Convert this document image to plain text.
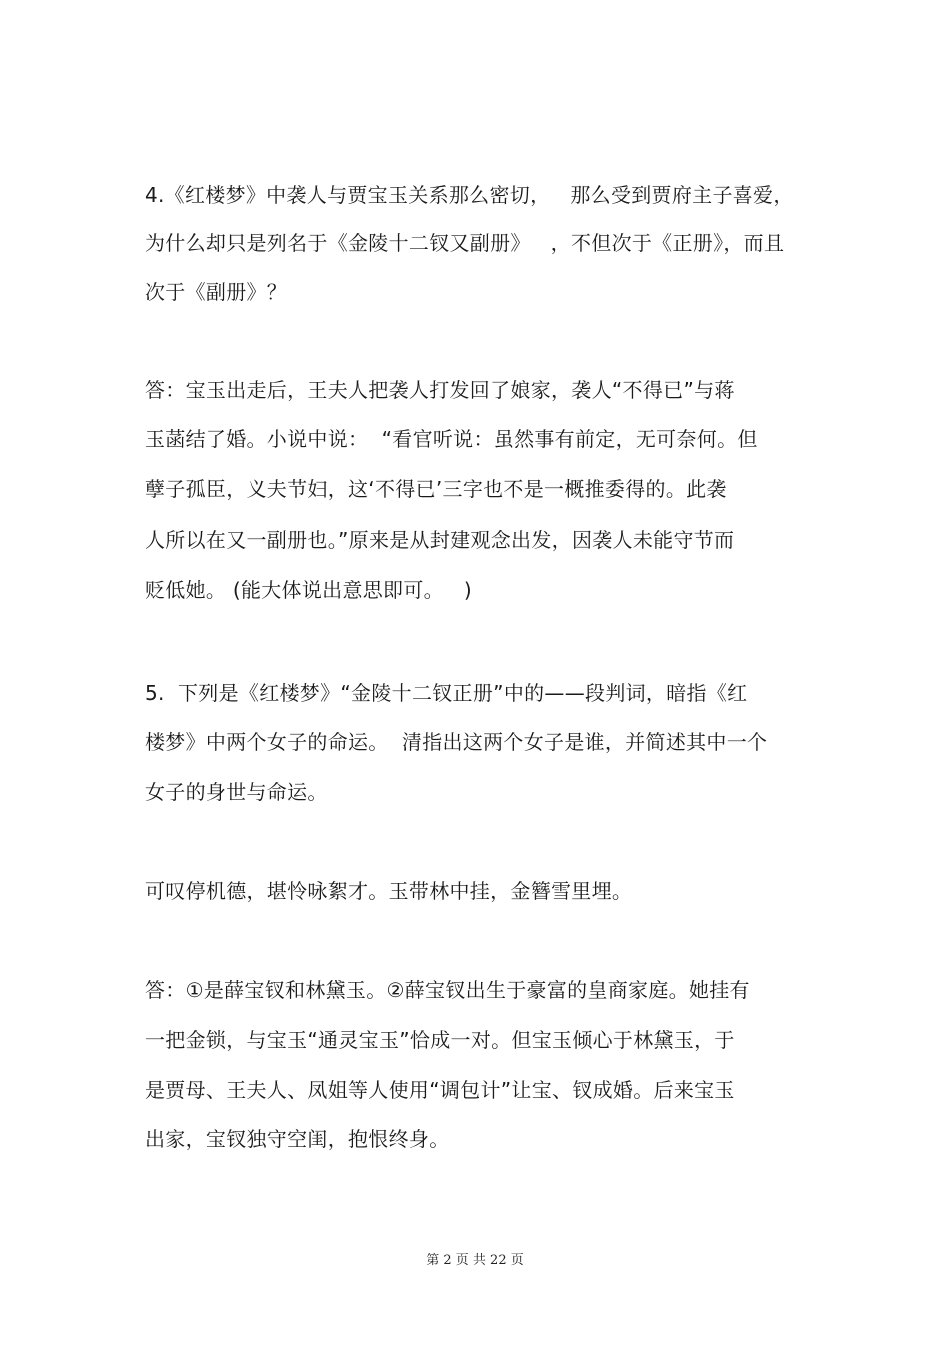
4.《红楼梦》中袭人与贾宝玉关系那么密切，   那么受到贾府主子喜爱，
为什么却只是列名于《金陵十二钗又副册》   ，不但次于《正册》，而且
次于《副册》？
答：宝玉出走后，王夫人把袭人打发回了娘家，袭人“不得已”与蒋
玉菡结了婚。小说中说：  “看官听说：虽然事有前定，无可奈何。但
孽子孤臣，义夫节妇，这‘不得已’三字也不是一概推委得的。此袭
人所以在又一副册也。”原来是从封建观念出发，因袭人未能守节而
贬低她。 (能大体说出意思即可。   )
5.  下列是《红楼梦》“金陵十二钗正册”中的——段判词，暗指《红
楼梦》中两个女子的命运。  清指出这两个女子是谁，并简述其中一个
女子的身世与命运。
可叹停机德，堪怜咏絮才。玉带林中挂，金簪雪里埋。
答：①是薛宝钗和林黛玉。②薛宝钗出生于豪富的皇商家庭。她挂有
一把金锁，与宝玉“通灵宝玉”恰成一对。但宝玉倾心于林黛玉，于
是贾母、王夫人、凤姐等人使用“调包计”让宝、钗成婚。后来宝玉
出家，宝钗独守空闺，抱恨终身。
第 2 页 共 22 页
